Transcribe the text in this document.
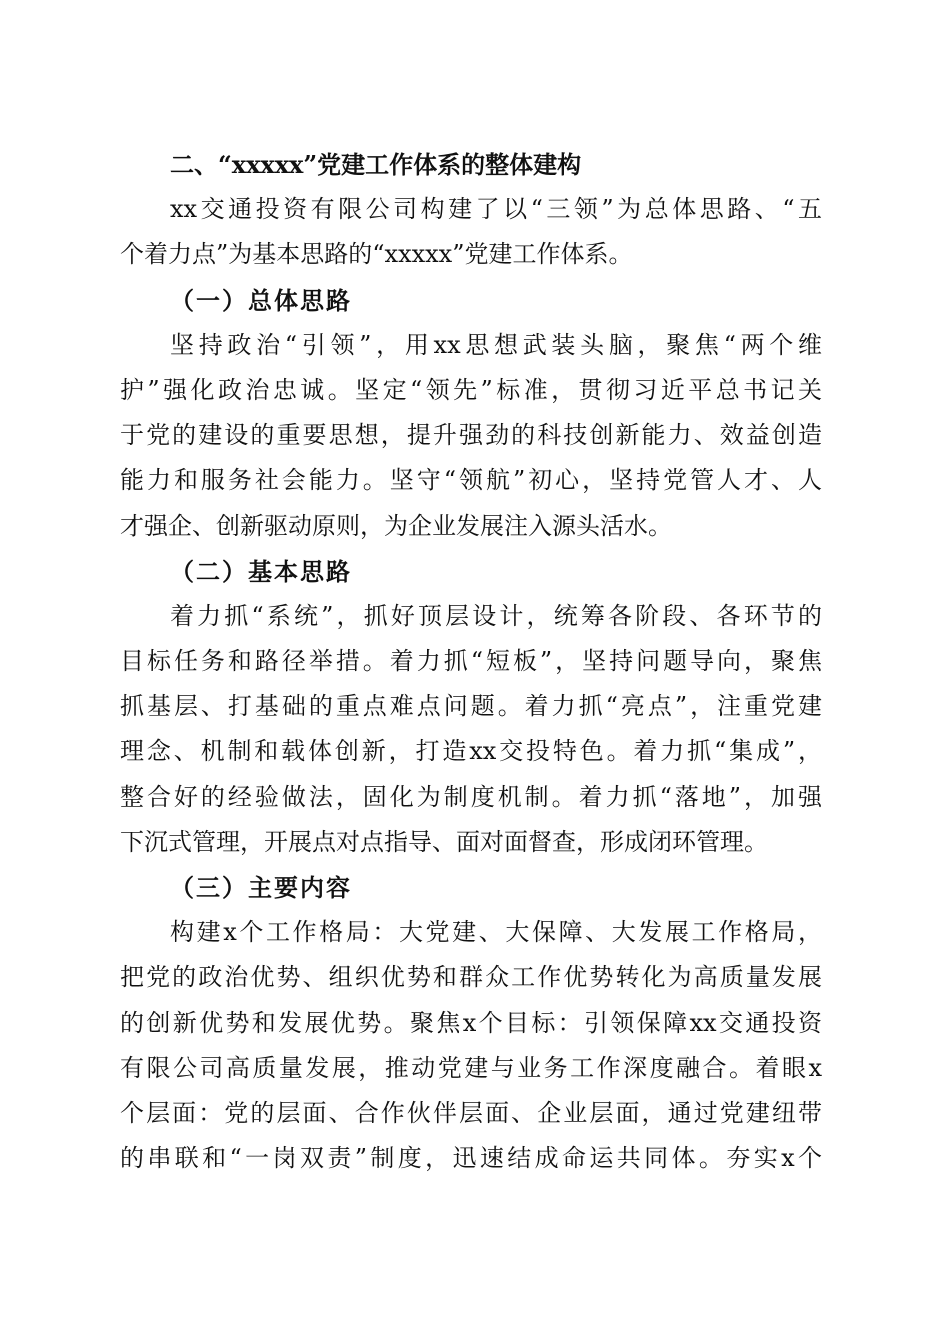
二、“xxxxx”党建工作体系的整体建构
xx交通投资有限公司构建了以“三领”为总体思路、“五
个着力点”为基本思路的“xxxxx”党建工作体系。
（一）总体思路
坚持政治“引领”，用xx思想武装头脑，聚焦“两个维
护”强化政治忠诚。坚定“领先”标准，贯彻习近平总书记关
于党的建设的重要思想，提升强劲的科技创新能力、效益创造
能力和服务社会能力。坚守“领航”初心，坚持党管人才、人
才强企、创新驱动原则，为企业发展注入源头活水。
（二）基本思路
着力抓“系统”，抓好顶层设计，统筹各阶段、各环节的
目标任务和路径举措。着力抓“短板”，坚持问题导向，聚焦
抓基层、打基础的重点难点问题。着力抓“亮点”，注重党建
理念、机制和载体创新，打造xx交投特色。着力抓“集成”，
整合好的经验做法，固化为制度机制。着力抓“落地”，加强
下沉式管理，开展点对点指导、面对面督查，形成闭环管理。
（三）主要内容
构建x个工作格局：大党建、大保障、大发展工作格局，
把党的政治优势、组织优势和群众工作优势转化为高质量发展
的创新优势和发展优势。聚焦x个目标：引领保障xx交通投资
有限公司高质量发展，推动党建与业务工作深度融合。着眼x
个层面：党的层面、合作伙伴层面、企业层面，通过党建纽带
的串联和“一岗双责”制度，迅速结成命运共同体。夯实x个
